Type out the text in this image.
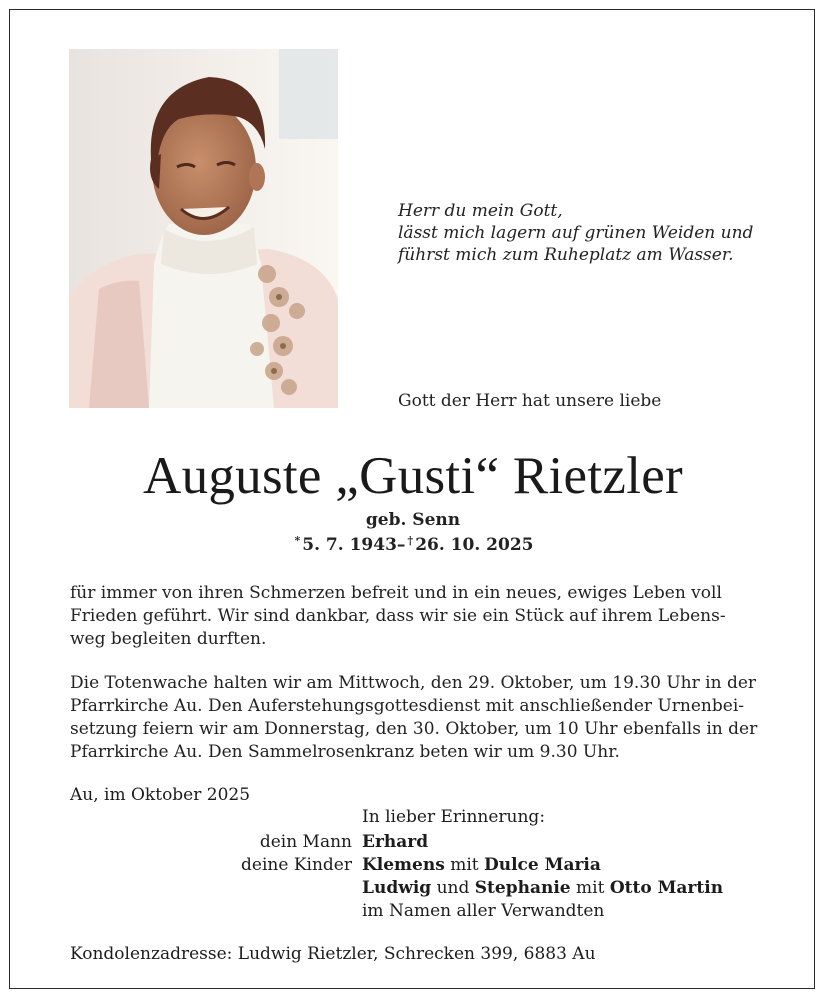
Herr du mein Gott,
lässt mich lagern auf grünen Weiden und
führst mich zum Ruheplatz am Wasser.
Gott der Herr hat unsere liebe
Auguste „Gusti“ Rietzler
geb. Senn
* 5. 7. 1943– † 26. 10. 2025
für immer von ihren Schmerzen befreit und in ein neues, ewiges Leben voll
Frieden geführt. Wir sind dankbar, dass wir sie ein Stück auf ihrem Lebens-
weg begleiten durften.
Die Totenwache halten wir am Mittwoch, den 29. Oktober, um 19.30 Uhr in der
Pfarrkirche Au. Den Auferstehungsgottesdienst mit anschließender Urnenbei-
setzung feiern wir am Donnerstag, den 30. Oktober, um 10 Uhr ebenfalls in der
Pfarrkirche Au. Den Sammelrosenkranz beten wir um 9.30 Uhr.
Au, im Oktober 2025
In lieber Erinnerung:
dein Mann
deine Kinder
Erhard
Klemens mit Dulce Maria
Ludwig und Stephanie mit Otto Martin
im Namen aller Verwandten
Kondolenzadresse: Ludwig Rietzler, Schrecken 399, 6883 Au
